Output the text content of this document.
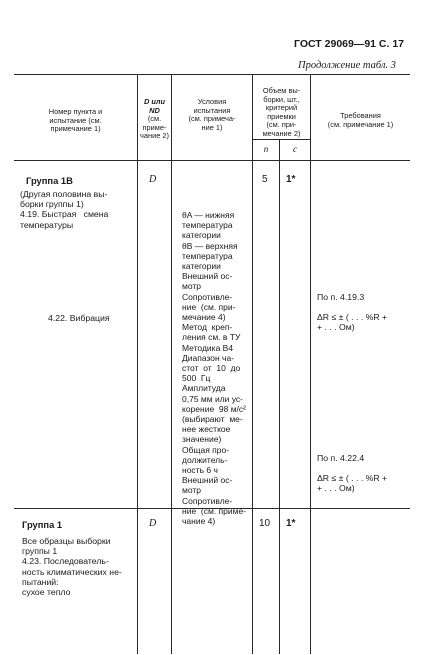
ГОСТ 29069—91 С. 17
Продолжение табл. 3
Номер пункта и
испытание (см.
примечание 1)
D или
ND
(см.
приме-
чание 2)
Условия
испытания
(см. примеча-
ние 1)
Объем вы-
борки, шт.,
критерий
приемки
(см. при-
мечание 2)
n	c
Требования
(см. примечание 1)
Группа 1В
(Другая половина вы-
борки группы 1)
4.19. Быстрая   смена
температуры
4.22. Вибрация
D
θA — нижняя
температура
категории
θB — верхняя
температура
категории
Внешний ос-
мотр
Сопротивле-
ние  (см. при-
мечание 4)
Метод  креп-
ления см. в ТУ
Методика В4
Диапазон ча-
стот  от  10  до
500  Гц
Амплитуда
0,75 мм или ус-
корение  98 м/с²
(выбирают  ме-
нее жесткое
значение)
Общая про-
должитель-
ность 6 ч
Внешний ос-
мотр
Сопротивле-
ние  (см. приме-
чание 4)
5 1*
По п. 4.19.3
ΔR ≤ ± ( . . . %R +
+ . . . Ом)
По п. 4.22.4
ΔR ≤ ± ( . . . %R +
+ . . . Ом)
Группа 1
Все образцы выборки
группы 1
4.23. Последователь-
ность климатических не-
пытаний:
сухое тепло
D	10 1*
